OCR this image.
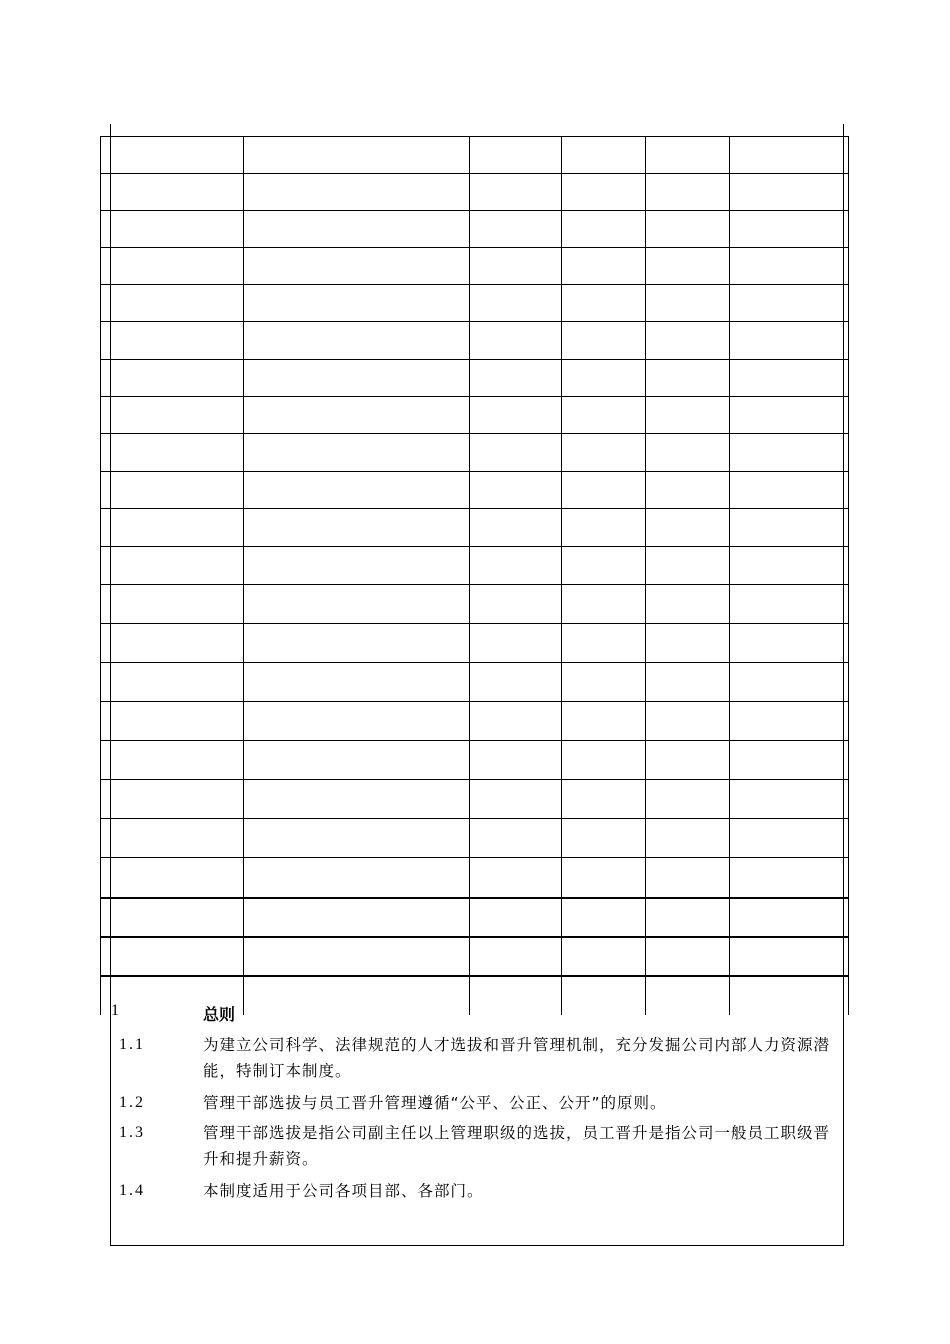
1	总则
1.1	为建立公司科学、法律规范的人才选拔和晋升管理机制，充分发掘公司内部人力资源潜能，特制订本制度。
1.2	管理干部选拔与员工晋升管理遵循“公平、公正、公开”的原则。
1.3	管理干部选拔是指公司副主任以上管理职级的选拔，员工晋升是指公司一般员工职级晋升和提升薪资。
1.4	本制度适用于公司各项目部、各部门。
